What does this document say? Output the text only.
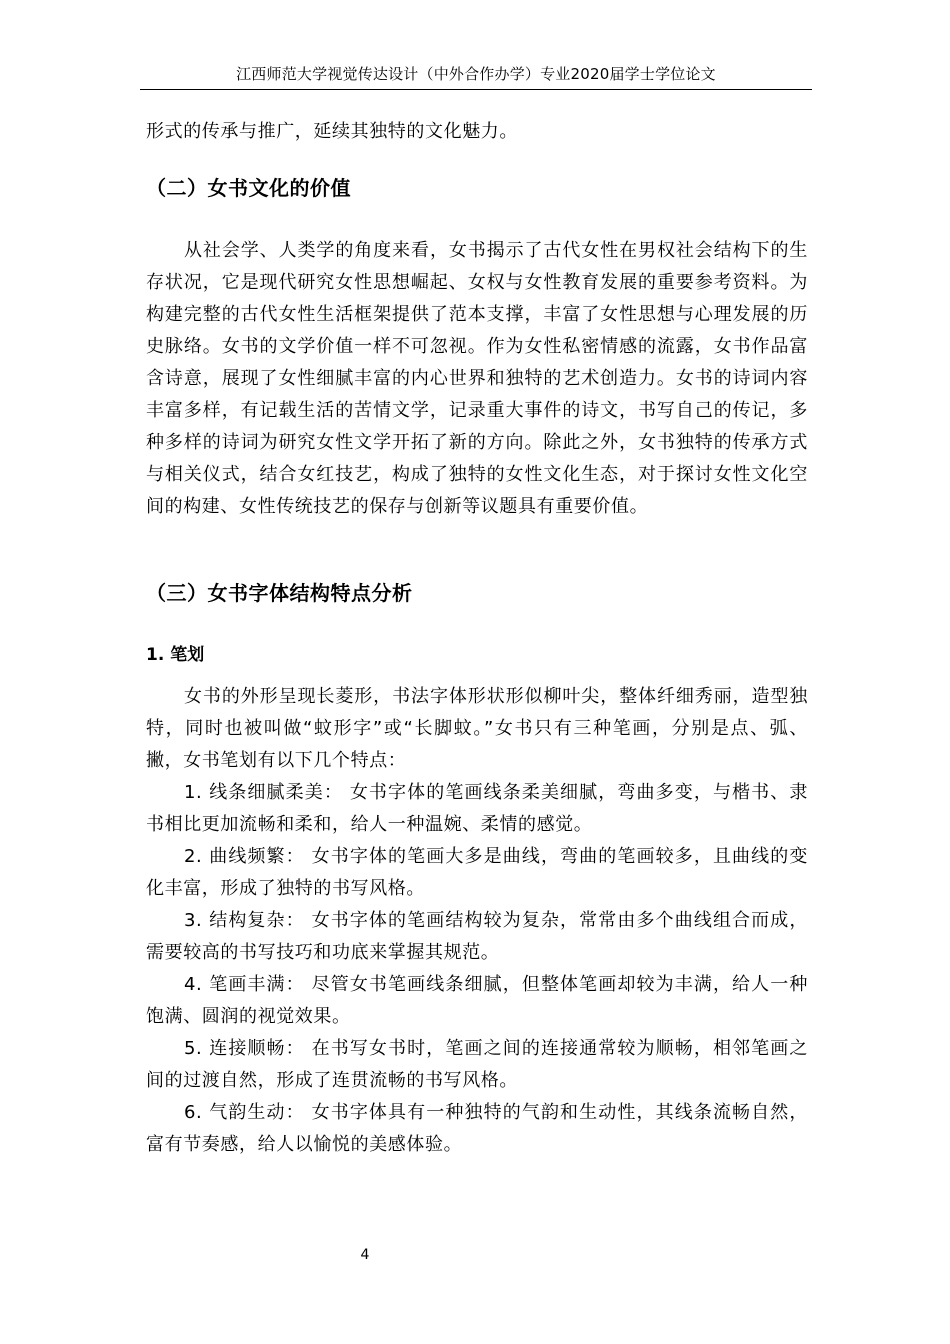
江西师范大学视觉传达设计（中外合作办学）专业2020届学士学位论文

形式的传承与推广，延续其独特的文化魅力。

（二）女书文化的价值

从社会学、人类学的角度来看，女书揭示了古代女性在男权社会结构下的生存状况，它是现代研究女性思想崛起、女权与女性教育发展的重要参考资料。为构建完整的古代女性生活框架提供了范本支撑，丰富了女性思想与心理发展的历史脉络。女书的文学价值一样不可忽视。作为女性私密情感的流露，女书作品富含诗意，展现了女性细腻丰富的内心世界和独特的艺术创造力。女书的诗词内容丰富多样，有记载生活的苦情文学，记录重大事件的诗文，书写自己的传记，多种多样的诗词为研究女性文学开拓了新的方向。除此之外，女书独特的传承方式与相关仪式，结合女红技艺，构成了独特的女性文化生态，对于探讨女性文化空间的构建、女性传统技艺的保存与创新等议题具有重要价值。

（三）女书字体结构特点分析
1. 笔划

女书的外形呈现长菱形，书法字体形状形似柳叶尖，整体纤细秀丽，造型独特，同时也被叫做“蚊形字”或“长脚蚊。”女书只有三种笔画，分别是点、弧、撇，女书笔划有以下几个特点：

1. 线条细腻柔美： 女书字体的笔画线条柔美细腻，弯曲多变，与楷书、隶书相比更加流畅和柔和，给人一种温婉、柔情的感觉。

2. 曲线频繁： 女书字体的笔画大多是曲线，弯曲的笔画较多，且曲线的变化丰富，形成了独特的书写风格。

3. 结构复杂： 女书字体的笔画结构较为复杂，常常由多个曲线组合而成，需要较高的书写技巧和功底来掌握其规范。

4. 笔画丰满： 尽管女书笔画线条细腻，但整体笔画却较为丰满，给人一种饱满、圆润的视觉效果。

5. 连接顺畅： 在书写女书时，笔画之间的连接通常较为顺畅，相邻笔画之间的过渡自然，形成了连贯流畅的书写风格。

6. 气韵生动： 女书字体具有一种独特的气韵和生动性，其线条流畅自然，富有节奏感，给人以愉悦的美感体验。

4
